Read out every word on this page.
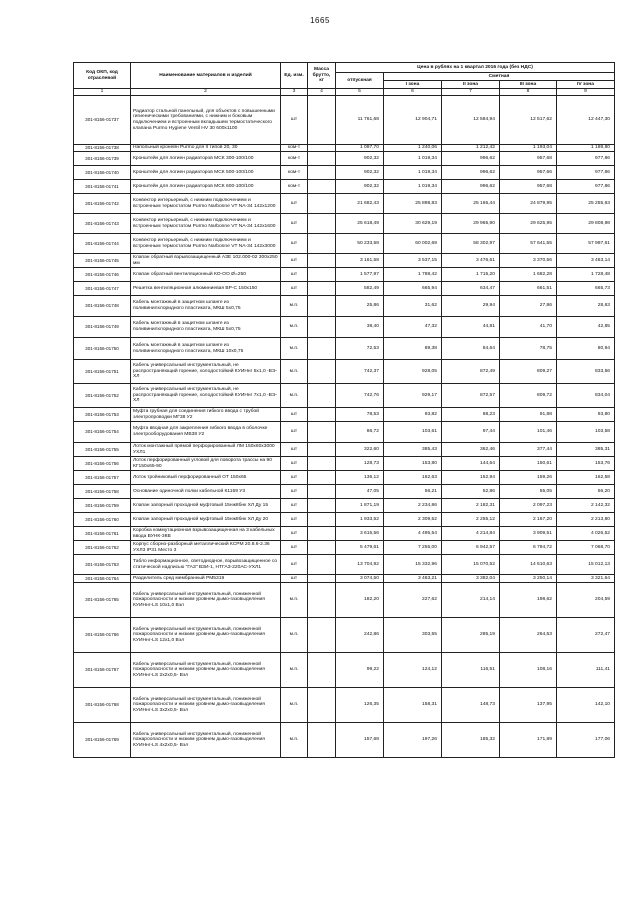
1665
Код ОКП, код отраслевой	Наименование материалов и изделий	Ед. изм.	Масса брутто, кг	Цена в рублях на 1 квартал 2016 года (без НДС)				
				отпускная	Сметная			
					I зона	II зона	III зона	IV зона
1	2	3	4	5	6	7	8	9
301-8156-01737	Радиатор стальной панельный, для объектов с повышенными гигиеническими требованиями, с нижним и боковым подключением и встроенным вкладышем термостатического клапана Purmo Hygiene Ventil HV 30 600x1100	шт		11 761,68	12 904,71	12 584,94	12 517,62	12 447,30
301-8156-01738	Напольный кронейн Purmo для II типов 20, 30	ком-т		1 097,70	1 240,06	1 212,42	1 193,04	1 189,80
301-8156-01739	Кронштейн для логиен радиаторов МСК 300-100/100	ком-т		902,32	1 019,34	996,62	957,68	977,86
301-8156-01740	Кронштейн для логиен радиаторов МСК 500-100/100	ком-т		902,32	1 019,34	996,62	957,66	977,86
301-8156-01741	Кронштейн для логиен радиаторов МСК 600-100/100	ком-т		902,32	1 019,34	996,62	957,68	977,86
301-8156-01742	Конвектор интерьерный, с нижним подключением и встроенным термостатом Purmo Narbonne VT NA-34 142x1200	шт		21 682,43	25 898,83	25 165,44	24 879,95	25 255,63
301-8156-01743	Конвектор интерьерный, с нижним подключением и встроенным термостатом Purmo Narbonne VT NA-34 142x1600	шт		25 618,49	30 629,19	29 965,90	29 625,95	29 808,98
301-8156-01744	Конвектор интерьерный, с нижним подключением и встроенным термостатом Purmo Narbonne VT NA-34 142x3000	шт		50 233,58	60 002,69	58 302,97	57 641,55	57 997,61
301-8156-01745	Клапан обратный взрывозащищенный АЗЕ 102.000-02 300x250 мм	шт		3 161,58	3 537,15	3 476,61	3 370,56	3 463,14
301-8156-01746	Клапан обратный вентиляционный КО-ОО Ø=250	шт		1 577,97	1 788,42	1 715,20	1 682,28	1 728,48
301-8156-01747	Решетка вентиляционная алюминиевая ВР-С 150x150	шт		582,49	665,94	634,47	661,51	665,73
301-8156-01748	Кабель монтажный в защитном шланге из поливинилхлоридного пластиката, МКШ 5x0,75	м.п.		25,86	31,62	29,94	27,86	28,63
301-8156-01749	Кабель монтажный в защитном шланге из поливинилхлоридного пластиката, МКШ 5x0,75	м.п.		38,40	47,32	44,81	41,70	42,85
301-8156-01750	Кабель монтажный в защитном шланге из поливинилхлоридного пластиката, МКШ 10x0,75	м.п.		72,53	89,38	84,64	78,75	80,94
301-8156-01751	Кабель универсальный инструментальный, не распространяющий горение, холодостойкий КУИНнг 5x1,0 -ВЭ-ХЛ	м.п.		742,37	928,05	872,49	809,27	833,56
301-8156-01752	Кабель универсальный инструментальный, не распространяющий горение, холодостойкий КУИНнг 7x1,0 -ВЭ-ХЛ	м.п.		742,76	929,17	872,57	809,72	834,04
301-8156-01753	Муфта грубная для соединения гибкого ввода с трубой электропроводки МГ38 У2	шт		78,53	93,82	88,23	91,88	93,80
301-8156-01754	Муфта вводная для закрепления гибкого ввода в оболочке электрооборудования МВ38 У2	шт		86,72	103,61	97,44	101,46	103,58
301-8156-01755	Лоток монтажный прямой перфорированный ЛМ 150x60x3000 УХЛ1	шт		322,60	385,43	362,46	377,44	385,31
301-8156-01756	Лоток перфорированный угловой для поворота трассы на 90 КГ150x65-90	шт		128,73	153,80	144,64	150,61	153,76
301-8156-01757	Лоток тройниковый перфорированный ОТ 150x65	шт		136,12	162,63	152,94	159,26	162,58
301-8156-01758	Основание одиночной полки кабельной К1159 У3	шт		47,05	56,21	52,86	55,05	56,20
301-8156-01759	Клапан запорный проходной муфтовый 15нж8бнк ХЛ Ду 15	шт		1 871,19	2 234,86	2 182,31	2 097,23	2 142,32
301-8156-01760	Клапан запорный проходной муфтовый 15нж8бнк ХЛ Ду 20	шт		1 933,52	2 309,52	2 255,12	2 167,20	2 213,80
301-8156-01761	Коробка коммутационная взрывозащищенная на 3 кабельных ввода ВУНК-3КВ	шт		3 615,56	4 495,54	4 214,84	3 909,51	4 026,52
301-8156-01762	Корпус сборно-разборный металлический КСРМ 20.8.6-2.36 УХЛ3 IP31 Место 3	шт		5 479,61	7 255,00	6 942,57	6 794,72	7 068,70
301-8156-01763	Табло информационное, светодиодное, взрывозащищенное со статической надписью "ГАЗ" ВЗИ-1, НТГАЗ-220АС-УХЛ1	шт		13 704,92	15 332,96	15 070,52	14 610,63	15 012,13
301-8156-01764	Разделитель сред мембранный РМ5319	шт		3 074,50	3 463,21	3 382,04	3 250,14	3 321,64
301-8156-01765	Кабель универсальный инструментальный, пониженной пожароопасности и низким уровнем дымо-газовыделения КУИНнг-LS 10x1,0 Взл	м.п.		182,20	227,62	214,14	198,62	204,59
301-8156-01766	Кабель универсальный инструментальный, пониженной пожароопасности и низким уровнем дымо-газовыделения КУИНнг-LS 12x1,0 Вэл	м.п.		242,86	303,55	285,19	264,53	272,47
301-8156-01767	Кабель универсальный инструментальный, пониженной пожароопасности и низким уровнем дымо-газовыделения КУИНнг-LS 2x2x0,5- Вэл	м.п.		99,22	124,12	116,51	108,16	111,41
301-8156-01768	Кабель универсальный инструментальный, пониженной пожароопасности и низким уровнем дымо-газовыделения КУИНнг-LS 3x2x0,5- Вэл	м.п.		126,35	158,31	148,73	137,95	142,10
301-8156-01769	Кабель универсальный инструментальный, пониженной пожароопасности и низким уровнем дымо-газовыделения КУИНнг-LS 4x2x0,5- Вэл	м.п.		157,68	197,26	185,32	171,89	177,06
